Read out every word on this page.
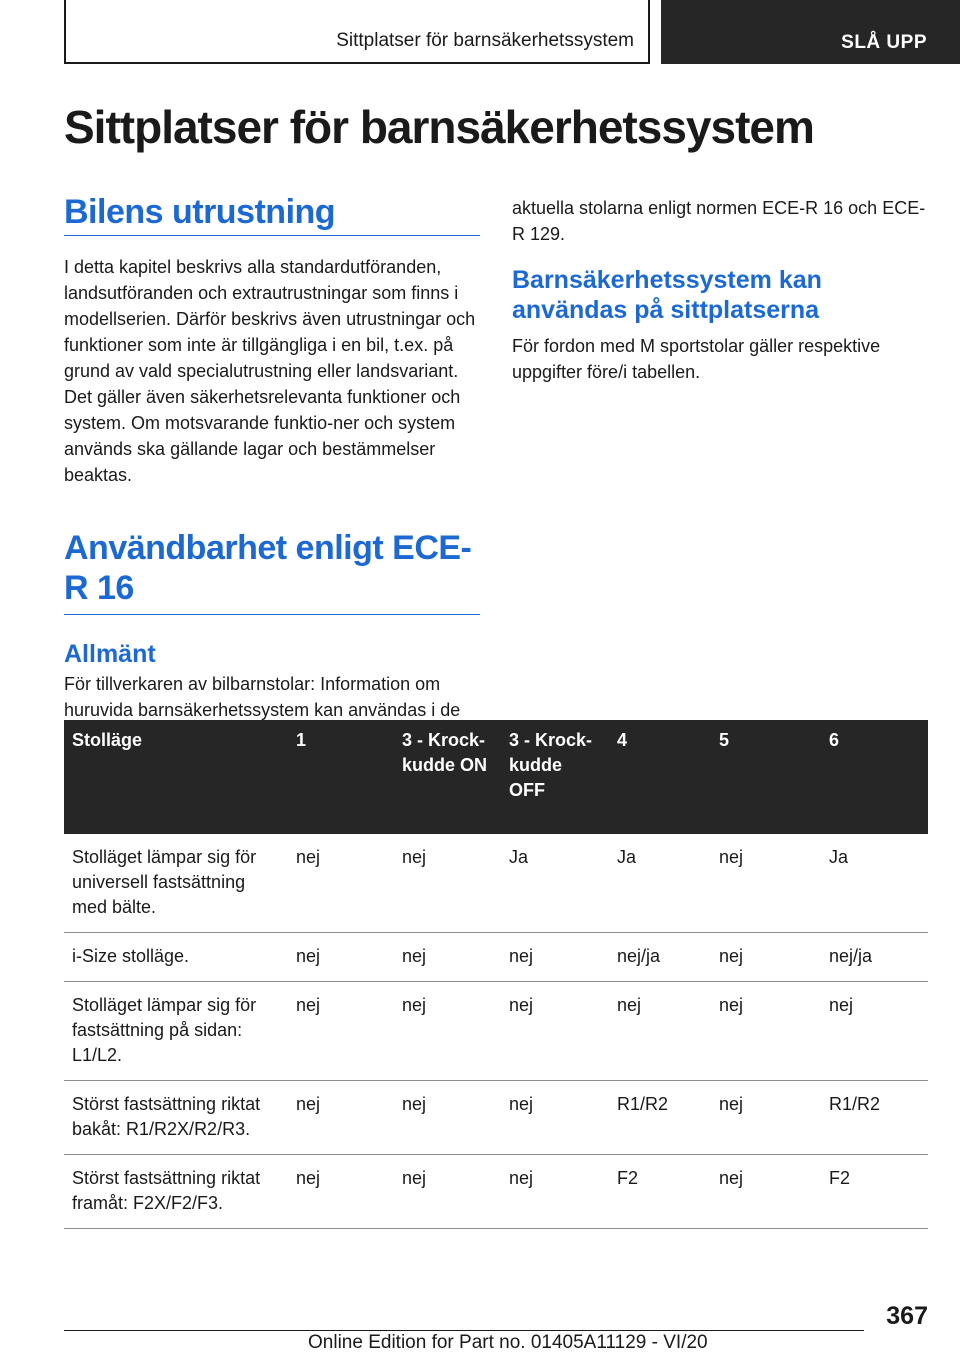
Sittplatser för barnsäkerhetssystem	SLÅ UPP
Sittplatser för barnsäkerhetssystem
Bilens utrustning

I detta kapitel beskrivs alla standardutföranden, landsutföranden och extrautrustningar som finns i modellserien. Därför beskrivs även utrustningar och funktioner som inte är tillgängliga i en bil, t.ex. på grund av vald specialutrustning eller landsvariant. Det gäller även säkerhetsrelevanta funktioner och system. Om motsvarande funktio‐ner och system används ska gällande lagar och bestämmelser beaktas.

Användbarhet enligt ECE-R 16
Allmänt

För tillverkaren av bilbarnstolar: Information om huruvida barnsäkerhetssystem kan användas i de

aktuella stolarna enligt normen ECE-R 16 och ECE-R 129.

Barnsäkerhetssystem kan användas på sittplatserna

För fordon med M sportstolar gäller respektive uppgifter före/i tabellen.

Stolläge	1	3 - Krock-kudde ON	3 - Krock-kudde OFF	4	5	6
Stolläget lämpar sig för universell fastsättning med bälte.	nej	nej	Ja	Ja	nej	Ja
i-Size stolläge.	nej	nej	nej	nej/ja	nej	nej/ja
Stolläget lämpar sig för fastsättning på sidan: L1/L2.	nej	nej	nej	nej	nej	nej
Störst fastsättning riktat bakåt: R1/R2X/R2/R3.	nej	nej	nej	R1/R2	nej	R1/R2
Störst fastsättning riktat framåt: F2X/F2/F3.	nej	nej	nej	F2	nej	F2
367
Online Edition for Part no. 01405A11129 - VI/20
